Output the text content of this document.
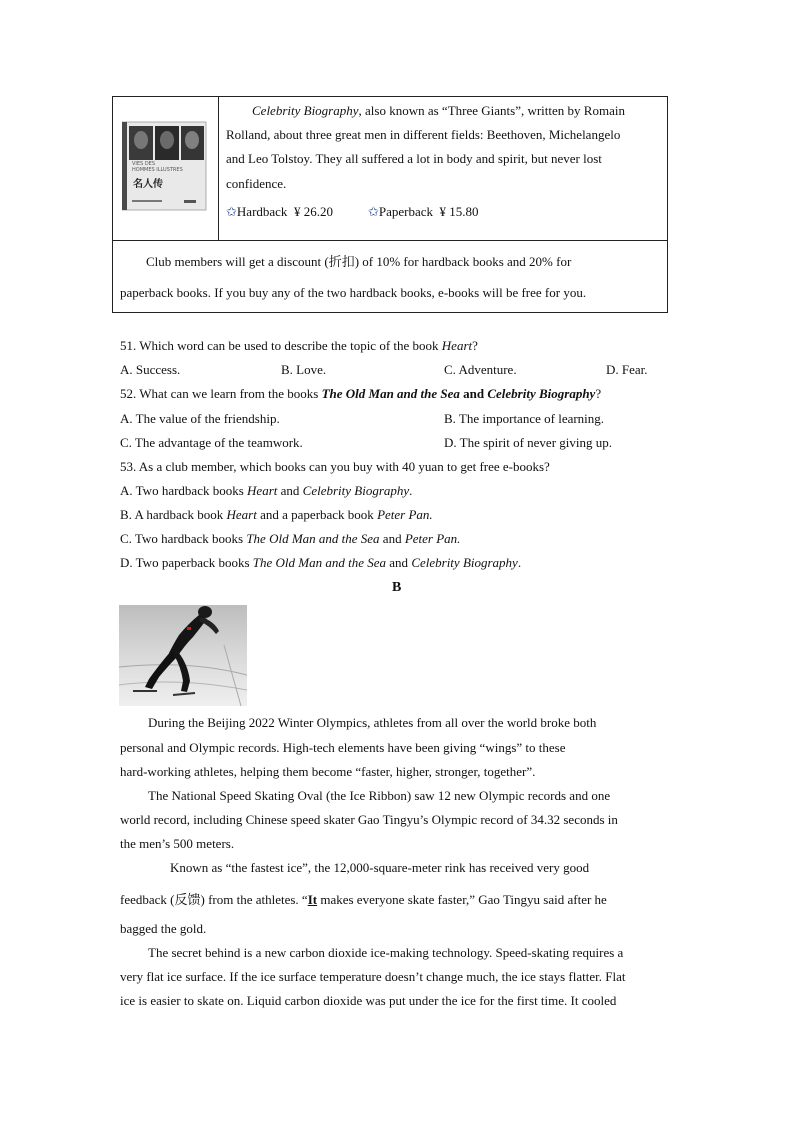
VIES DES
HOMMES ILLUSTRES
名人传
Celebrity Biography, also known as “Three Giants”, written by Romain
Rolland, about three great men in different fields: Beethoven, Michelangelo
and Leo Tolstoy. They all suffered a lot in body and spirit, but never lost
confidence.
✩Hardback ¥ 26.20	✩Paperback ¥ 15.80
Club members will get a discount (折扣) of 10% for hardback books and 20% for
paperback books. If you buy any of the two hardback books, e-books will be free for you.
51. Which word can be used to describe the topic of the book Heart?
A. Success.	B. Love.	C. Adventure.	D. Fear.
52. What can we learn from the books The Old Man and the Sea and Celebrity Biography?
A. The value of the friendship.	B. The importance of learning.
C. The advantage of the teamwork.	D. The spirit of never giving up.
53. As a club member, which books can you buy with 40 yuan to get free e-books?
A. Two hardback books Heart and Celebrity Biography.
B. A hardback book Heart and a paperback book Peter Pan.
C. Two hardback books The Old Man and the Sea and Peter Pan.
D. Two paperback books The Old Man and the Sea and Celebrity Biography.
B
During the Beijing 2022 Winter Olympics, athletes from all over the world broke both
personal and Olympic records. High-tech elements have been giving “wings” to these
hard-working athletes, helping them become “faster, higher, stronger, together”.
The National Speed Skating Oval (the Ice Ribbon) saw 12 new Olympic records and one
world record, including Chinese speed skater Gao Tingyu’s Olympic record of 34.32 seconds in
the men’s 500 meters.
Known as “the fastest ice”, the 12,000-square-meter rink has received very good
feedback (反馈) from the athletes. “It makes everyone skate faster,” Gao Tingyu said after he
bagged the gold.
The secret behind is a new carbon dioxide ice-making technology. Speed-skating requires a
very flat ice surface. If the ice surface temperature doesn’t change much, the ice stays flatter. Flat
ice is easier to skate on. Liquid carbon dioxide was put under the ice for the first time. It cooled
